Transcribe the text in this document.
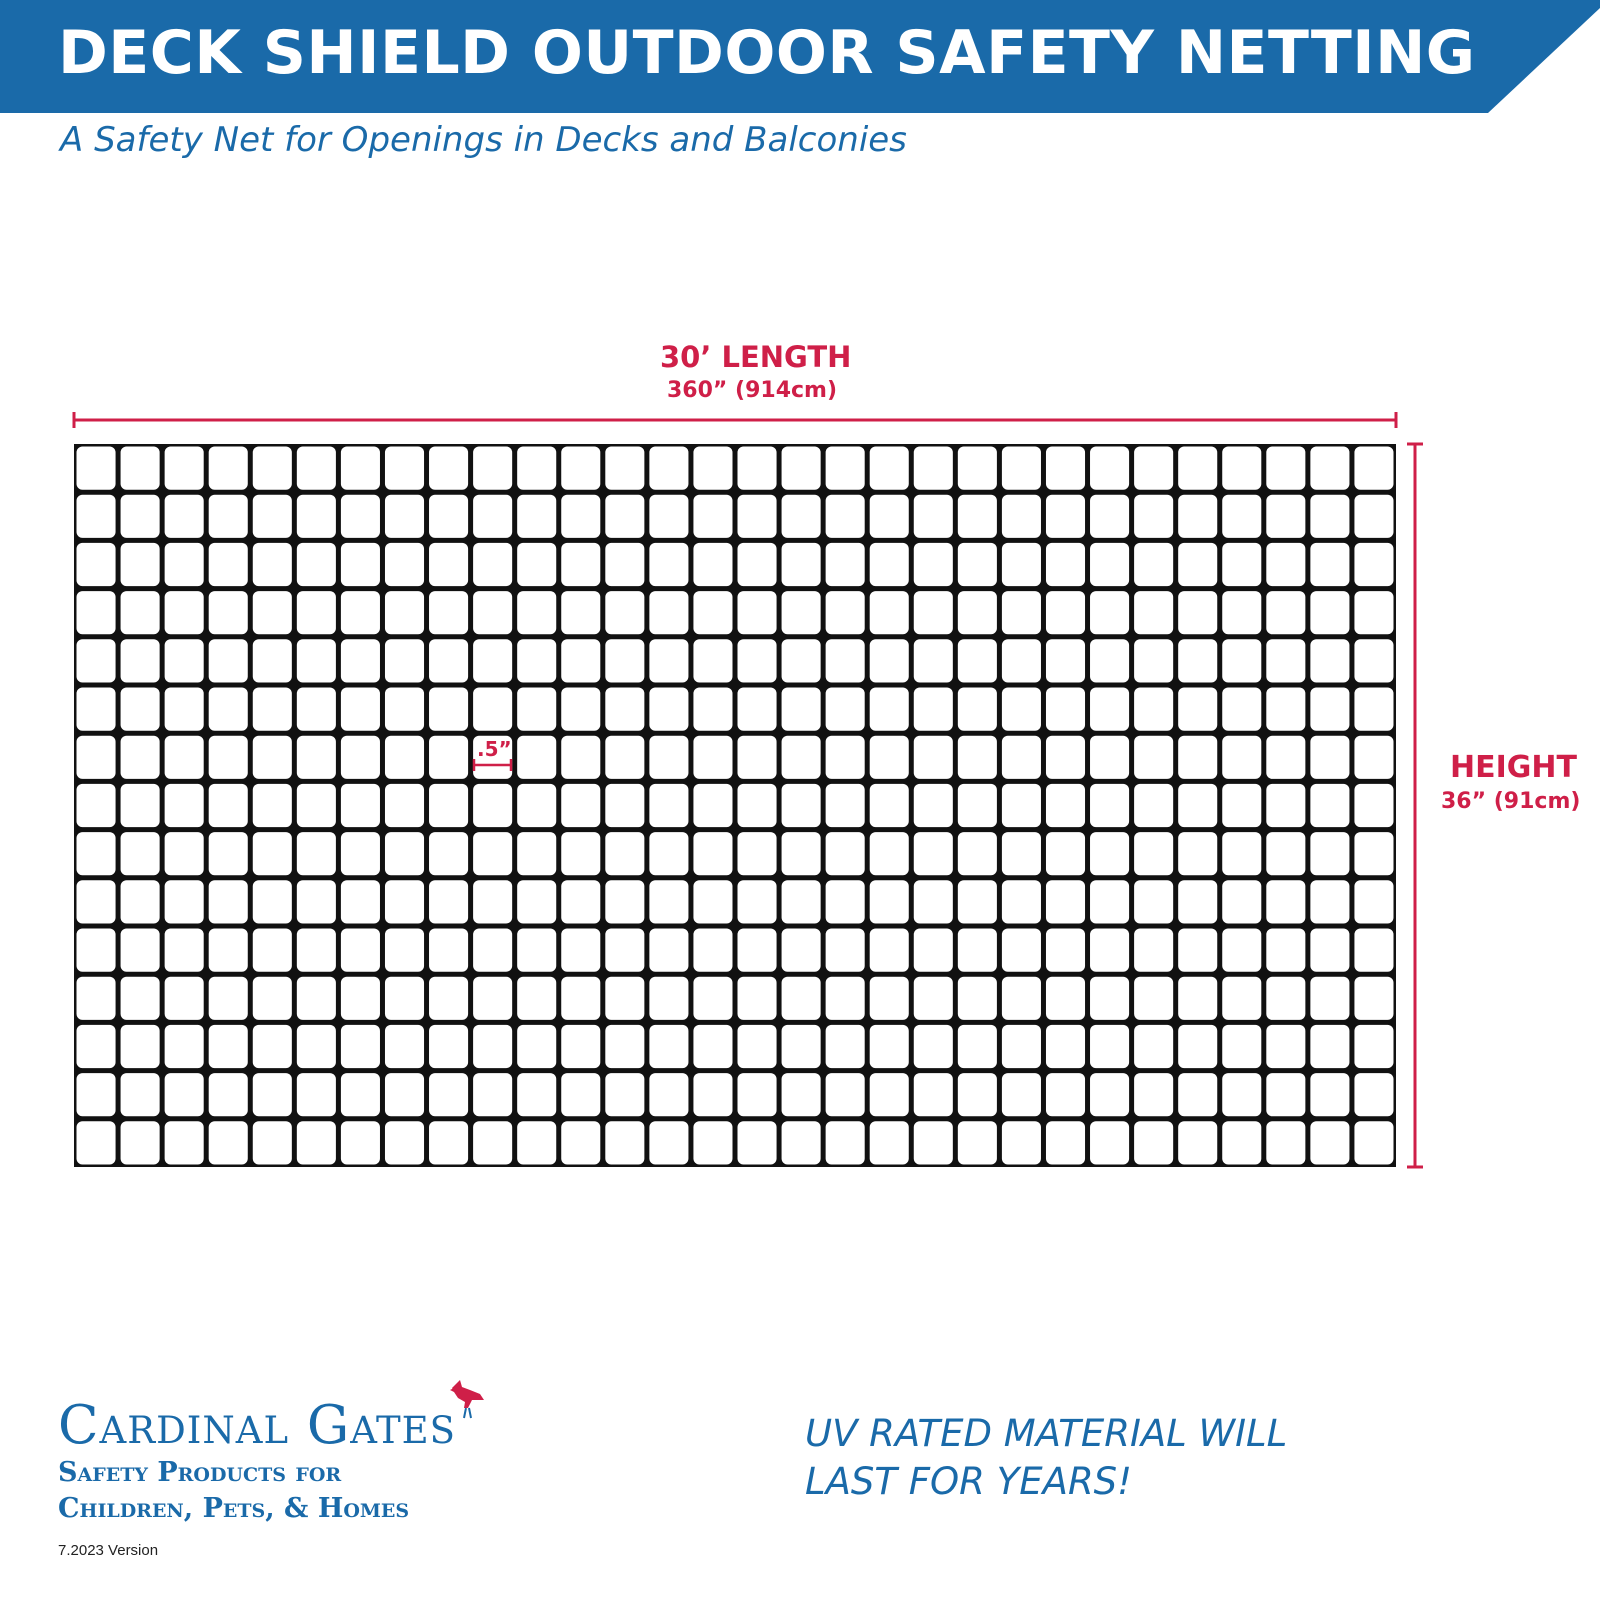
DECK SHIELD OUTDOOR SAFETY NETTING
A Safety Net for Openings in Decks and Balconies
30’ LENGTH
360” (914cm)
HEIGHT
36” (91cm)
.5”
Cardinal Gates
Safety Products for
Children, Pets, & Homes
7.2023 Version
UV RATED MATERIAL WILL
LAST FOR YEARS!
